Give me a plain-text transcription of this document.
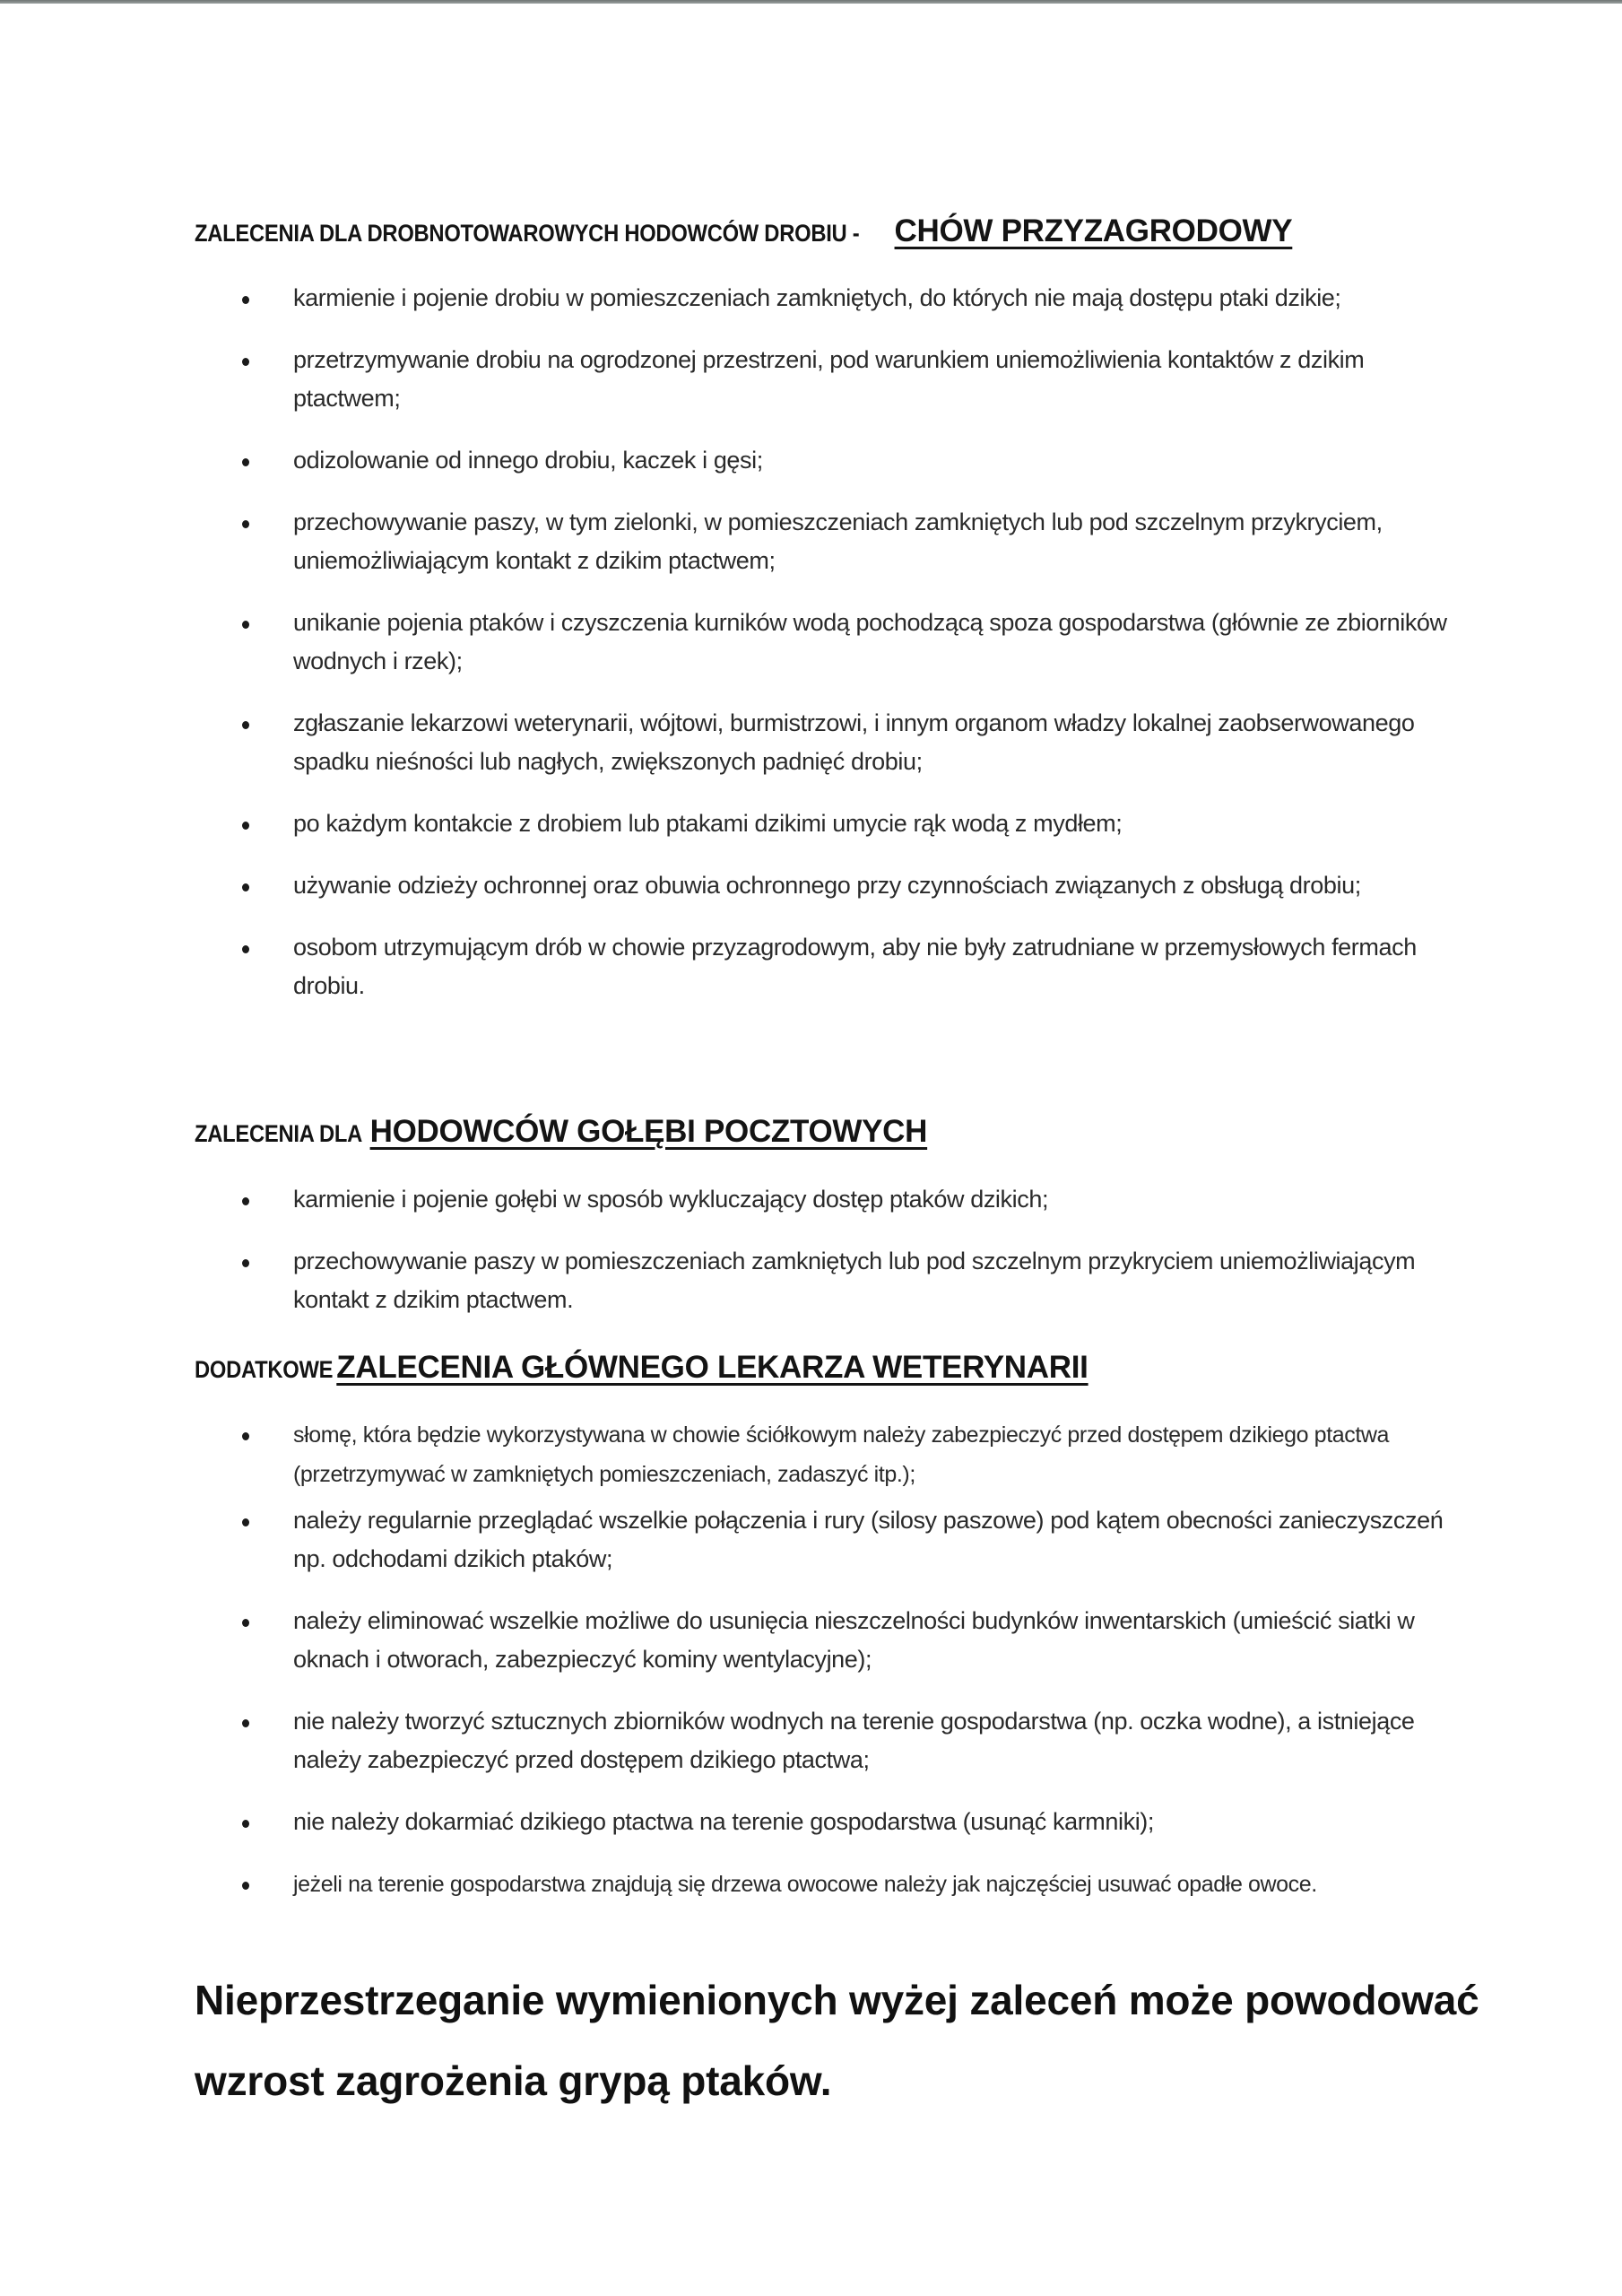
ZALECENIA DLA DROBNOTOWAROWYCH HODOWCÓW DROBIU -CHÓW PRZYZAGRODOWY
karmienie i pojenie drobiu w pomieszczeniach zamkniętych, do których nie mają dostępu ptaki dzikie;
przetrzymywanie drobiu na ogrodzonej przestrzeni, pod warunkiem uniemożliwienia kontaktów z dzikim ptactwem;
odizolowanie od innego drobiu, kaczek i gęsi;
przechowywanie paszy, w tym zielonki, w pomieszczeniach zamkniętych lub pod szczelnym przykryciem, uniemożliwiającym kontakt z dzikim ptactwem;
unikanie pojenia ptaków i czyszczenia kurników wodą pochodzącą spoza gospodarstwa (głównie ze zbiorników wodnych i rzek);
zgłaszanie lekarzowi weterynarii, wójtowi, burmistrzowi, i innym organom władzy lokalnej zaobserwowanego spadku nieśności lub nagłych, zwiększonych padnięć drobiu;
po każdym kontakcie z drobiem lub ptakami dzikimi umycie rąk wodą z mydłem;
używanie odzieży ochronnej oraz obuwia ochronnego przy czynnościach związanych z obsługą drobiu;
osobom utrzymującym drób w chowie przyzagrodowym, aby nie były zatrudniane w przemysłowych fermach drobiu.
ZALECENIA DLAHODOWCÓW GOŁĘBI POCZTOWYCH
karmienie i pojenie gołębi w sposób wykluczający dostęp ptaków dzikich;
przechowywanie paszy w pomieszczeniach zamkniętych lub pod szczelnym przykryciem uniemożliwiającym kontakt z dzikim ptactwem.
DODATKOWEZALECENIA GŁÓWNEGO LEKARZA WETERYNARII
słomę, która będzie wykorzystywana w chowie ściółkowym należy zabezpieczyć przed dostępem dzikiego ptactwa (przetrzymywać w zamkniętych pomieszczeniach, zadaszyć itp.);
należy regularnie przeglądać wszelkie połączenia i rury (silosy paszowe) pod kątem obecności zanieczyszczeń np. odchodami dzikich ptaków;
należy eliminować wszelkie możliwe do usunięcia nieszczelności budynków inwentarskich (umieścić siatki w oknach i otworach, zabezpieczyć kominy wentylacyjne);
nie należy tworzyć sztucznych zbiorników wodnych na terenie gospodarstwa (np. oczka wodne), a istniejące należy zabezpieczyć przed dostępem dzikiego ptactwa;
nie należy dokarmiać dzikiego ptactwa na terenie gospodarstwa (usunąć karmniki);
jeżeli na terenie gospodarstwa znajdują się drzewa owocowe należy jak najczęściej usuwać opadłe owoce.
Nieprzestrzeganie wymienionych wyżej zaleceń może powodować wzrost zagrożenia grypą ptaków.
